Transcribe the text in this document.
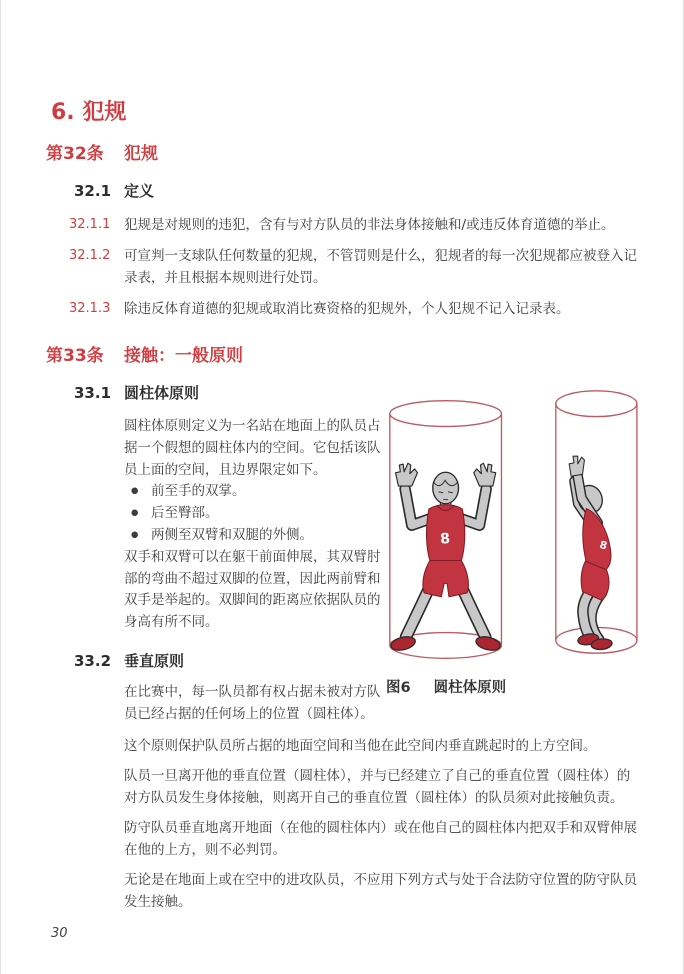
6. 犯规
第32条	犯规
32.1 定义
32.1.1	犯规是对规则的违犯，含有与对方队员的非法身体接触和/或违反体育道德的举止。

32.1.2	可宣判一支球队任何数量的犯规，不管罚则是什么，犯规者的每一次犯规都应被登入记录表，并且根据本规则进行处罚。

32.1.3	除违反体育道德的犯规或取消比赛资格的犯规外，个人犯规不记入记录表。

第33条	接触：一般原则
33.1 圆柱体原则

圆柱体原则定义为一名站在地面上的队员占据一个假想的圆柱体内的空间。它包括该队员上面的空间，且边界限定如下。

● 前至手的双掌。
● 后至臀部。
● 两侧至双臂和双腿的外侧。

双手和双臂可以在躯干前面伸展，其双臂肘部的弯曲不超过双脚的位置，因此两前臂和双手是举起的。双脚间的距离应依据队员的身高有所不同。

33.2 垂直原则

在比赛中，每一队员都有权占据未被对方队员已经占据的任何场上的位置（圆柱体）。

8	8
图6 圆柱体原则

这个原则保护队员所占据的地面空间和当他在此空间内垂直跳起时的上方空间。

队员一旦离开他的垂直位置（圆柱体），并与已经建立了自己的垂直位置（圆柱体）的对方队员发生身体接触，则离开自己的垂直位置（圆柱体）的队员须对此接触负责。

防守队员垂直地离开地面（在他的圆柱体内）或在他自己的圆柱体内把双手和双臂伸展在他的上方，则不必判罚。

无论是在地面上或在空中的进攻队员，不应用下列方式与处于合法防守位置的防守队员发生接触。

30
